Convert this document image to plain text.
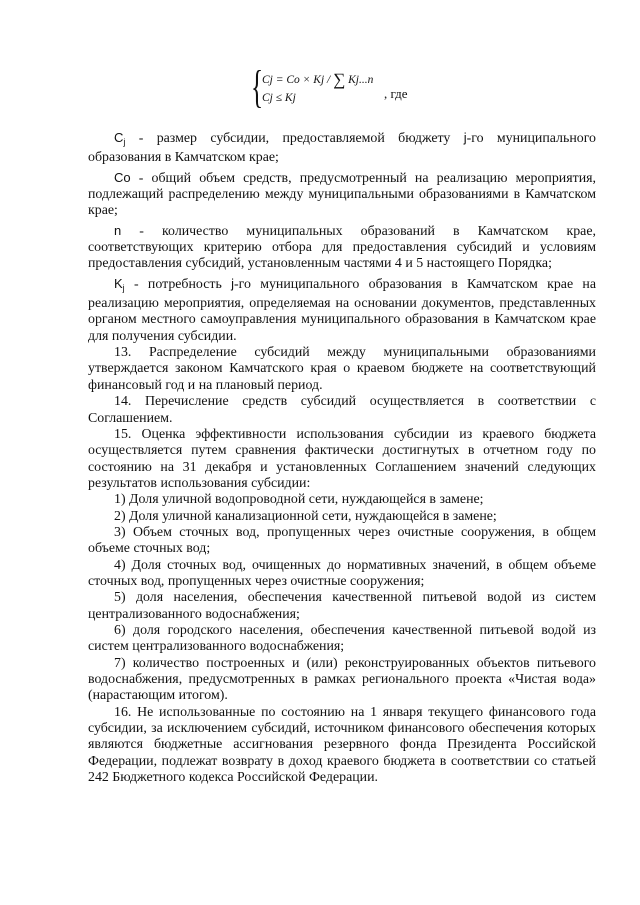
{
Cj = Co × Kj / ∑ Kj...n
Cj ≤ Kj	, где

$C_j$ - размер субсидии, предоставляемой бюджету j-го муниципального образования в Камчатском крае;

Co - общий объем средств, предусмотренный на реализацию мероприятия, подлежащий распределению между муниципальными образованиями в Камчатском крае;

n - количество муниципальных образований в Камчатском крае, соответствующих критерию отбора для предоставления субсидий и условиям предоставления субсидий, установленным частями 4 и 5 настоящего Порядка;

$K_j$ - потребность j-го муниципального образования в Камчатском крае на реализацию мероприятия, определяемая на основании документов, представленных органом местного самоуправления муниципального образования в Камчатском крае для получения субсидии.

13. Распределение субсидий между муниципальными образованиями утверждается законом Камчатского края о краевом бюджете на соответствующий финансовый год и на плановый период.

14. Перечисление средств субсидий осуществляется в соответствии с Соглашением.

15. Оценка эффективности использования субсидии из краевого бюджета осуществляется путем сравнения фактически достигнутых в отчетном году по состоянию на 31 декабря и установленных Соглашением значений следующих результатов использования субсидии:

1) Доля уличной водопроводной сети, нуждающейся в замене;

2) Доля уличной канализационной сети, нуждающейся в замене;

3) Объем сточных вод, пропущенных через очистные сооружения, в общем объеме сточных вод;

4) Доля сточных вод, очищенных до нормативных значений, в общем объеме сточных вод, пропущенных через очистные сооружения;

5) доля населения, обеспечения качественной питьевой водой из систем централизованного водоснабжения;

6) доля городского населения, обеспечения качественной питьевой водой из систем централизованного водоснабжения;

7) количество построенных и (или) реконструированных объектов питьевого водоснабжения, предусмотренных в рамках регионального проекта «Чистая вода» (нарастающим итогом).

16. Не использованные по состоянию на 1 января текущего финансового года субсидии, за исключением субсидий, источником финансового обеспечения которых являются бюджетные ассигнования резервного фонда Президента Российской Федерации, подлежат возврату в доход краевого бюджета в соответствии со статьей 242 Бюджетного кодекса Российской Федерации.
